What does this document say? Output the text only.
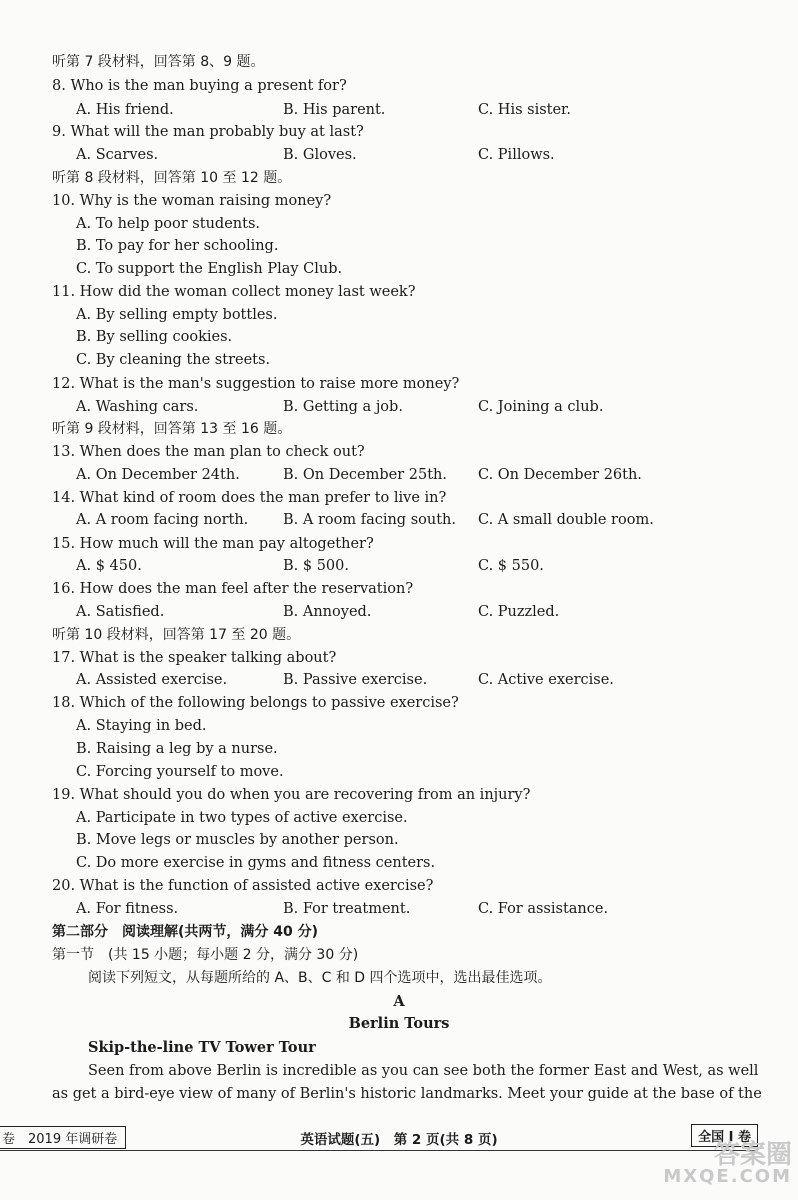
听第 7 段材料，回答第 8、9 题。
8. Who is the man buying a present for?
A. His friend.	B. His parent.	C. His sister.
9. What will the man probably buy at last?
A. Scarves.	B. Gloves.	C. Pillows.
听第 8 段材料，回答第 10 至 12 题。
10. Why is the woman raising money?
A. To help poor students.
B. To pay for her schooling.
C. To support the English Play Club.
11. How did the woman collect money last week?
A. By selling empty bottles.
B. By selling cookies.
C. By cleaning the streets.
12. What is the man's suggestion to raise more money?
A. Washing cars.	B. Getting a job.	C. Joining a club.
听第 9 段材料，回答第 13 至 16 题。
13. When does the man plan to check out?
A. On December 24th.	B. On December 25th. C. On December 26th.
14. What kind of room does the man prefer to live in?
A. A room facing north. B. A room facing south. C. A small double room.
15. How much will the man pay altogether?
A. $ 450.	B. $ 500.	C. $ 550.
16. How does the man feel after the reservation?
A. Satisfied.	B. Annoyed.	C. Puzzled.
听第 10 段材料，回答第 17 至 20 题。
17. What is the speaker talking about?
A. Assisted exercise.	B. Passive exercise.	C. Active exercise.
18. Which of the following belongs to passive exercise?
A. Staying in bed.
B. Raising a leg by a nurse.
C. Forcing yourself to move.
19. What should you do when you are recovering from an injury?
A. Participate in two types of active exercise.
B. Move legs or muscles by another person.
C. Do more exercise in gyms and fitness centers.
20. What is the function of assisted active exercise?
A. For fitness.	B. For treatment.	C. For assistance.
第二部分　阅读理解(共两节，满分 40 分)
第一节　(共 15 小题；每小题 2 分，满分 30 分)
阅读下列短文，从每题所给的 A、B、C 和 D 四个选项中，选出最佳选项。
A
Berlin Tours
Skip-the-line TV Tower Tour
Seen from above Berlin is incredible as you can see both the former East and West, as well
as get a bird-eye view of many of Berlin's historic landmarks. Meet your guide at the base of the
卷　2019 年调研卷	英语试题(五)　第 2 页(共 8 页)	全国 I 卷
答案圈
MXQE.COM
